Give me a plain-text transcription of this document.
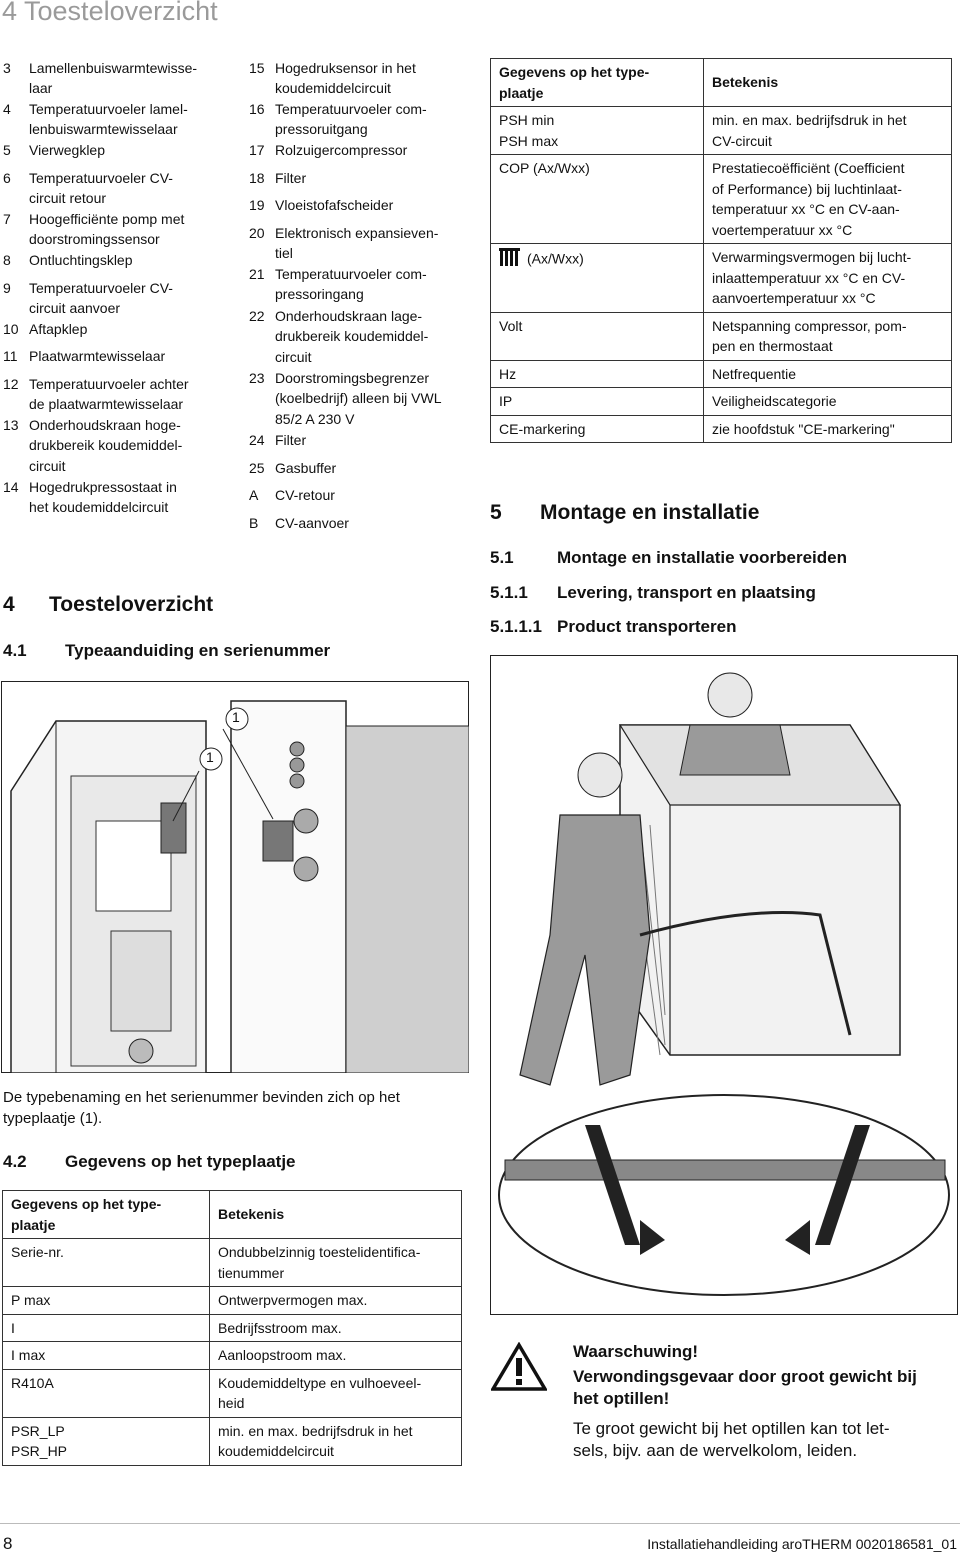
4 Toesteloverzicht
3	Lamellenbuiswarmtewisse-
laar
4	Temperatuurvoeler lamel-
lenbuiswarmtewisselaar
5	Vierwegklep
6	Temperatuurvoeler CV-
circuit retour
7	Hoogefficiënte pomp met
doorstromingssensor
8	Ontluchtingsklep
9	Temperatuurvoeler CV-
circuit aanvoer
10 Aftapklep
11 Plaatwarmtewisselaar
12 Temperatuurvoeler achter
de plaatwarmtewisselaar
13 Onderhoudskraan hoge-
drukbereik koudemiddel-
circuit
14 Hogedrukpressostaat in
het koudemiddelcircuit
15 Hogedruksensor in het
koudemiddelcircuit
16 Temperatuurvoeler com-
pressoruitgang
17 Rolzuigercompressor
18 Filter
19 Vloeistofafscheider
20 Elektronisch expansieven-
tiel
21 Temperatuurvoeler com-
pressoringang
22 Onderhoudskraan lage-
drukbereik koudemiddel-
circuit
23 Doorstromingsbegrenzer
(koelbedrijf) alleen bij VWL
85/2 A 230 V
24 Filter
25 Gasbuffer
A	CV-retour
B	CV-aanvoer
4 Toesteloverzicht
4.1 Typeaanduiding en serienummer
1
1
De typebenaming en het serienummer bevinden zich op het typeplaatje (1).
4.2 Gegevens op het typeplaatje
Gegevens op het type-
plaatje	Betekenis
Serie-nr.	Ondubbelzinnig toestelidentifica-
tienummer
P max	Ontwerpvermogen max.
I	Bedrijfsstroom max.
I max	Aanloopstroom max.
R410A	Koudemiddeltype en vulhoeveel-
heid
PSR_LP
PSR_HP	min. en max. bedrijfsdruk in het
koudemiddelcircuit
Gegevens op het type-
plaatje	Betekenis
PSH min
PSH max	min. en max. bedrijfsdruk in het
CV-circuit
COP (Ax/Wxx)	Prestatiecoëfficiënt (Coefficient
of Performance) bij luchtinlaat-
temperatuur xx °C en CV-aan-
voertemperatuur xx °C
(Ax/Wxx)	Verwarmingsvermogen bij lucht-
inlaattemperatuur xx °C en CV-
aanvoertemperatuur xx °C
Volt	Netspanning compressor, pom-
pen en thermostaat
Hz	Netfrequentie
IP	Veiligheidscategorie
CE-markering	zie hoofdstuk "CE-markering"
5 Montage en installatie
5.1	Montage en installatie voorbereiden
5.1.1 Levering, transport en plaatsing
5.1.1.1 Product transporteren
Waarschuwing!
Verwondingsgevaar door groot gewicht bij het optillen!
Te groot gewicht bij het optillen kan tot let-
sels, bijv. aan de wervelkolom, leiden.
8	Installatiehandleiding aroTHERM 0020186581_01
